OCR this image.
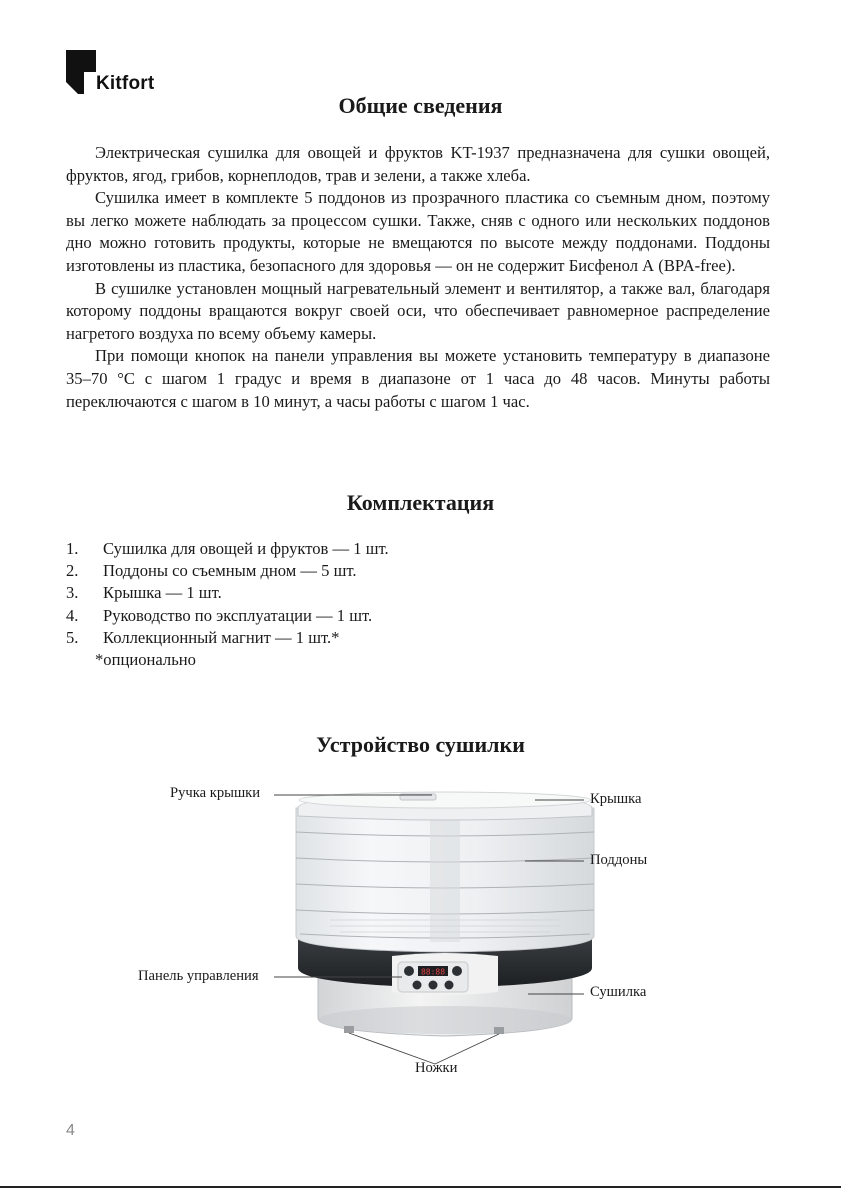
Kitfort
Общие сведения

Электрическая сушилка для овощей и фруктов KT-1937 предназначена для сушки овощей, фруктов, ягод, грибов, корнеплодов, трав и зелени, а также хлеба.

Сушилка имеет в комплекте 5 поддонов из прозрачного пластика со съемным дном, поэтому вы легко можете наблюдать за процессом сушки. Также, сняв с одного или нескольких поддонов дно можно готовить продукты, которые не вмещаются по высоте между поддонами. Поддоны изготовлены из пластика, безопасного для здоровья — он не содержит Бисфенол А (BPA-free).

В сушилке установлен мощный нагревательный элемент и вентилятор, а также вал, благодаря которому поддоны вращаются вокруг своей оси, что обеспечивает равномерное распределение нагретого воздуха по всему объему камеры.

При помощи кнопок на панели управления вы можете установить температуру в диапазоне 35–70 °C с шагом 1 градус и время в диапазоне от 1 часа до 48 часов. Минуты работы переключаются с шагом в 10 минут, а часы работы с шагом 1 час.

Комплектация
1. Сушилка для овощей и фруктов — 1 шт.
2. Поддоны со съемным дном — 5 шт.
3. Крышка — 1 шт.
4. Руководство по эксплуатации — 1 шт.
5. Коллекционный магнит — 1 шт.*
*опционально
Устройство сушилки
88:88
Ручка крышки	Крышка
Поддоны
Панель управления
Сушилка
Ножки
4
